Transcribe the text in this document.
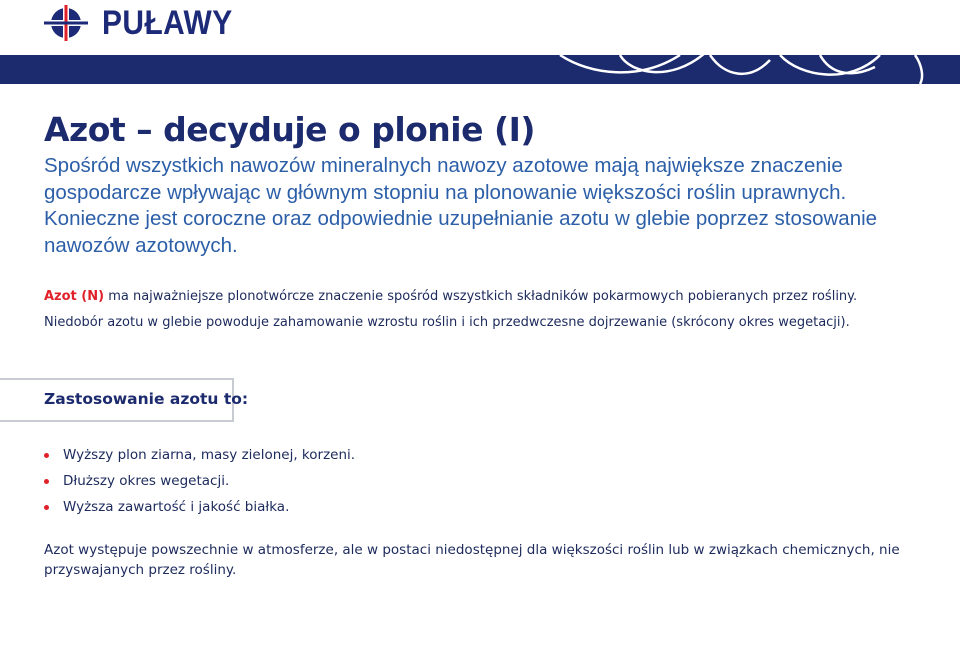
PUŁAWY
Azot – decyduje o plonie (I)

Spośród wszystkich nawozów mineralnych nawozy azotowe mają największe znaczenie gospodarcze wpływając w głównym stopniu na plonowanie większości roślin uprawnych. Konieczne jest coroczne oraz odpowiednie uzupełnianie azotu w glebie poprzez stosowanie nawozów azotowych.

Azot (N) ma najważniejsze plonotwórcze znaczenie spośród wszystkich składników pokarmowych pobieranych przez rośliny.

Niedobór azotu w glebie powoduje zahamowanie wzrostu roślin i ich przedwczesne dojrzewanie (skrócony okres wegetacji).

Zastosowanie azotu to:
Wyższy plon ziarna, masy zielonej, korzeni.
Dłuższy okres wegetacji.
Wyższa zawartość i jakość białka.

Azot występuje powszechnie w atmosferze, ale w postaci niedostępnej dla większości roślin lub w związkach chemicznych, nie przyswajanych przez rośliny.
